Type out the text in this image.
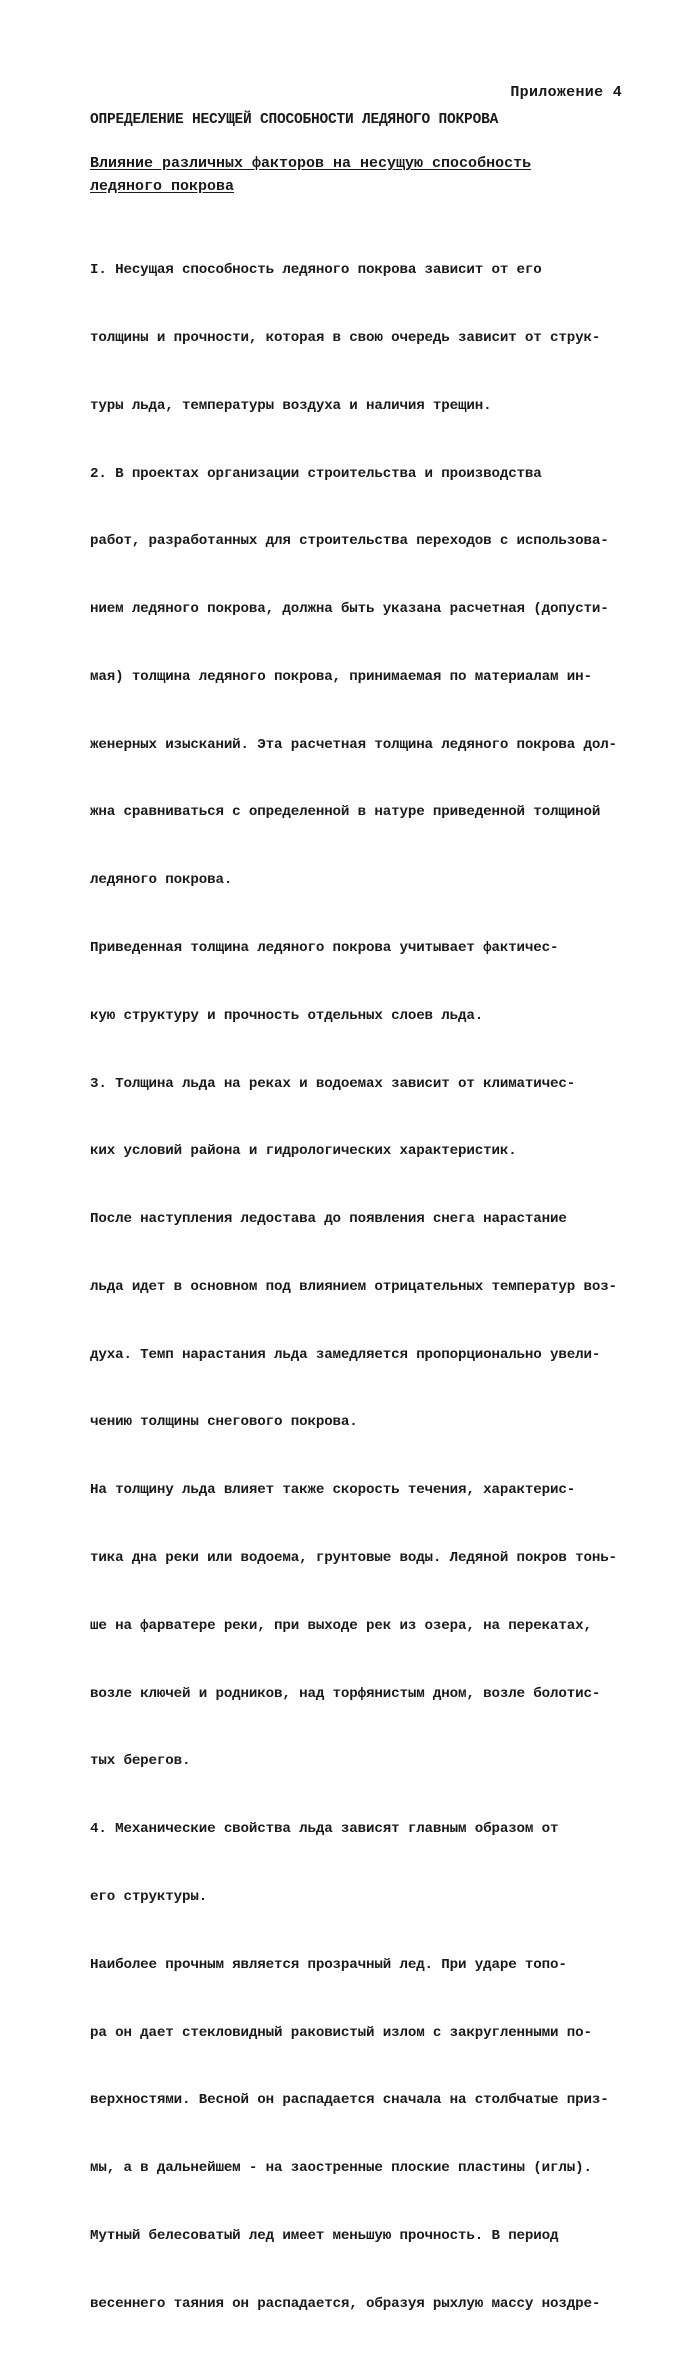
Приложение 4
ОПРЕДЕЛЕНИЕ НЕСУЩЕЙ СПОСОБНОСТИ ЛЕДЯНОГО ПОКРОВА
Влияние различных факторов на несущую способность
ледяного покрова

I. Несущая способность ледяного покрова зависит от его

толщины и прочности, которая в свою очередь зависит от струк-

туры льда, температуры воздуха и наличия трещин.

2. В проектах организации строительства и производства

работ, разработанных для строительства переходов с использова-

нием ледяного покрова, должна быть указана расчетная (допусти-

мая) толщина ледяного покрова, принимаемая по материалам ин-

женерных изысканий. Эта расчетная толщина ледяного покрова дол-

жна сравниваться с определенной в натуре приведенной толщиной

ледяного покрова.

Приведенная толщина ледяного покрова учитывает фактичес-

кую структуру и прочность отдельных слоев льда.

3. Толщина льда на реках и водоемах зависит от климатичес-

ких условий района и гидрологических характеристик.

После наступления ледостава до появления снега нарастание

льда идет в основном под влиянием отрицательных температур воз-

духа. Темп нарастания льда замедляется пропорционально увели-

чению толщины снегового покрова.

На толщину льда влияет также скорость течения, характерис-

тика дна реки или водоема, грунтовые воды. Ледяной покров тонь-

ше на фарватере реки, при выходе рек из озера, на перекатах,

возле ключей и родников, над торфянистым дном, возле болотис-

тых берегов.

4. Механические свойства льда зависят главным образом от

его структуры.

Наиболее прочным является прозрачный лед. При ударе топо-

ра он дает стекловидный раковистый излом с закругленными по-

верхностями. Весной он распадается сначала на столбчатые приз-

мы, а в дальнейшем - на заостренные плоские пластины (иглы).

Мутный белесоватый лед имеет меньшую прочность. В период

весеннего таяния он распадается, образуя рыхлую массу ноздре-
